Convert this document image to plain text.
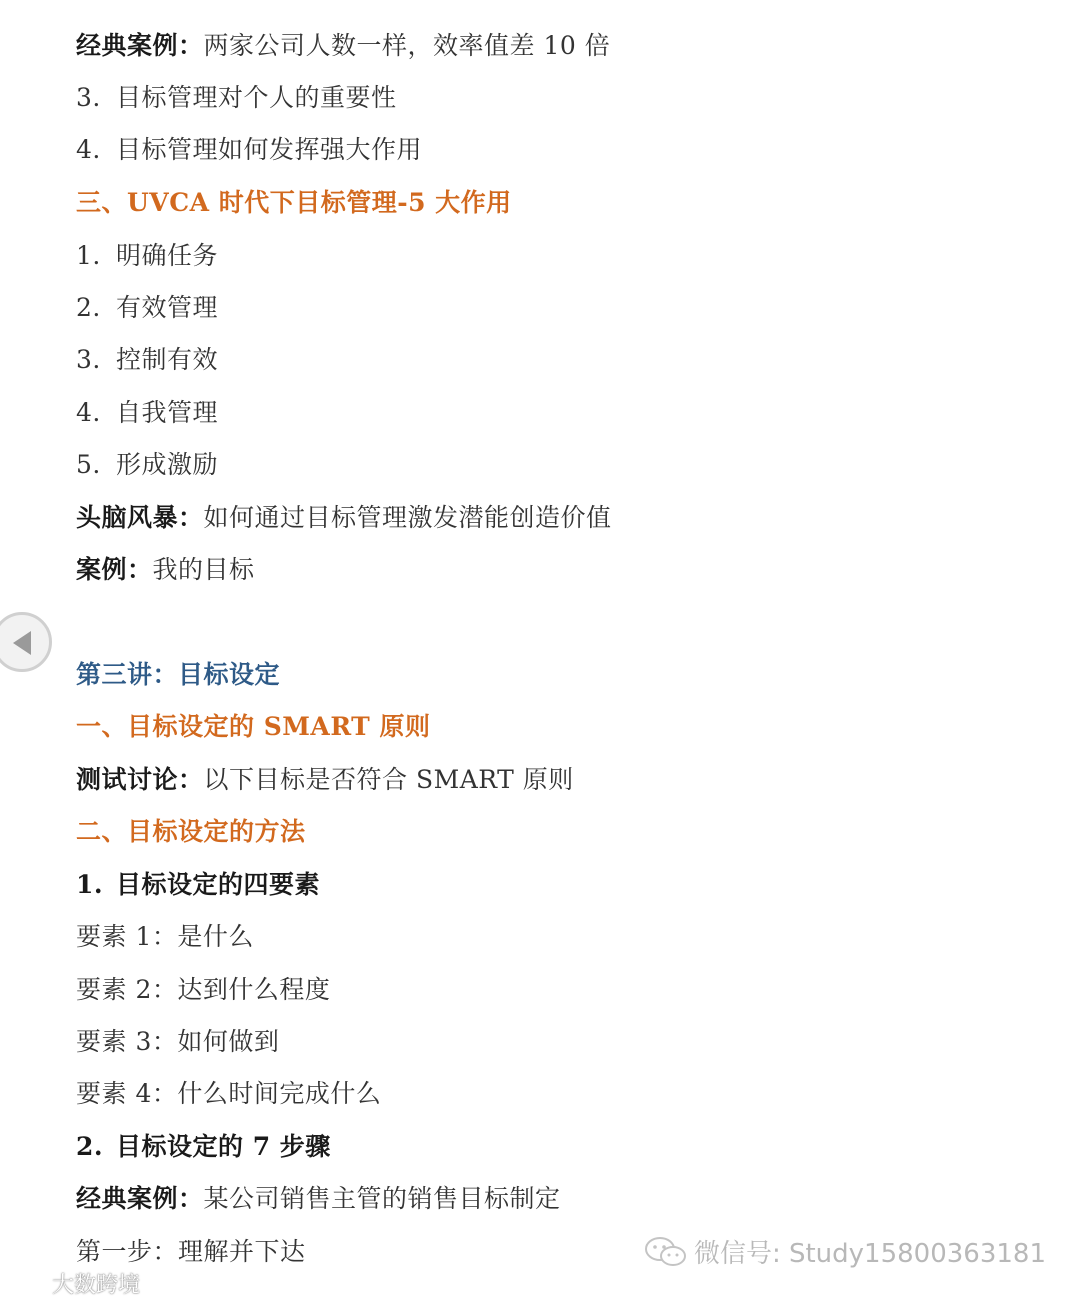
经典案例：两家公司人数一样，效率值差 10 倍
3. 目标管理对个人的重要性
4. 目标管理如何发挥强大作用
三、UVCA 时代下目标管理-5 大作用
1. 明确任务
2. 有效管理
3. 控制有效
4. 自我管理
5. 形成激励
头脑风暴：如何通过目标管理激发潜能创造价值
案例：我的目标
第三讲：目标设定
一、目标设定的 SMART 原则
测试讨论：以下目标是否符合 SMART 原则
二、目标设定的方法
1. 目标设定的四要素
要素 1：是什么
要素 2：达到什么程度
要素 3：如何做到
要素 4：什么时间完成什么
2. 目标设定的 7 步骤
经典案例：某公司销售主管的销售目标制定
第一步：理解并下达	微信号: Study15800363181
大数跨境
